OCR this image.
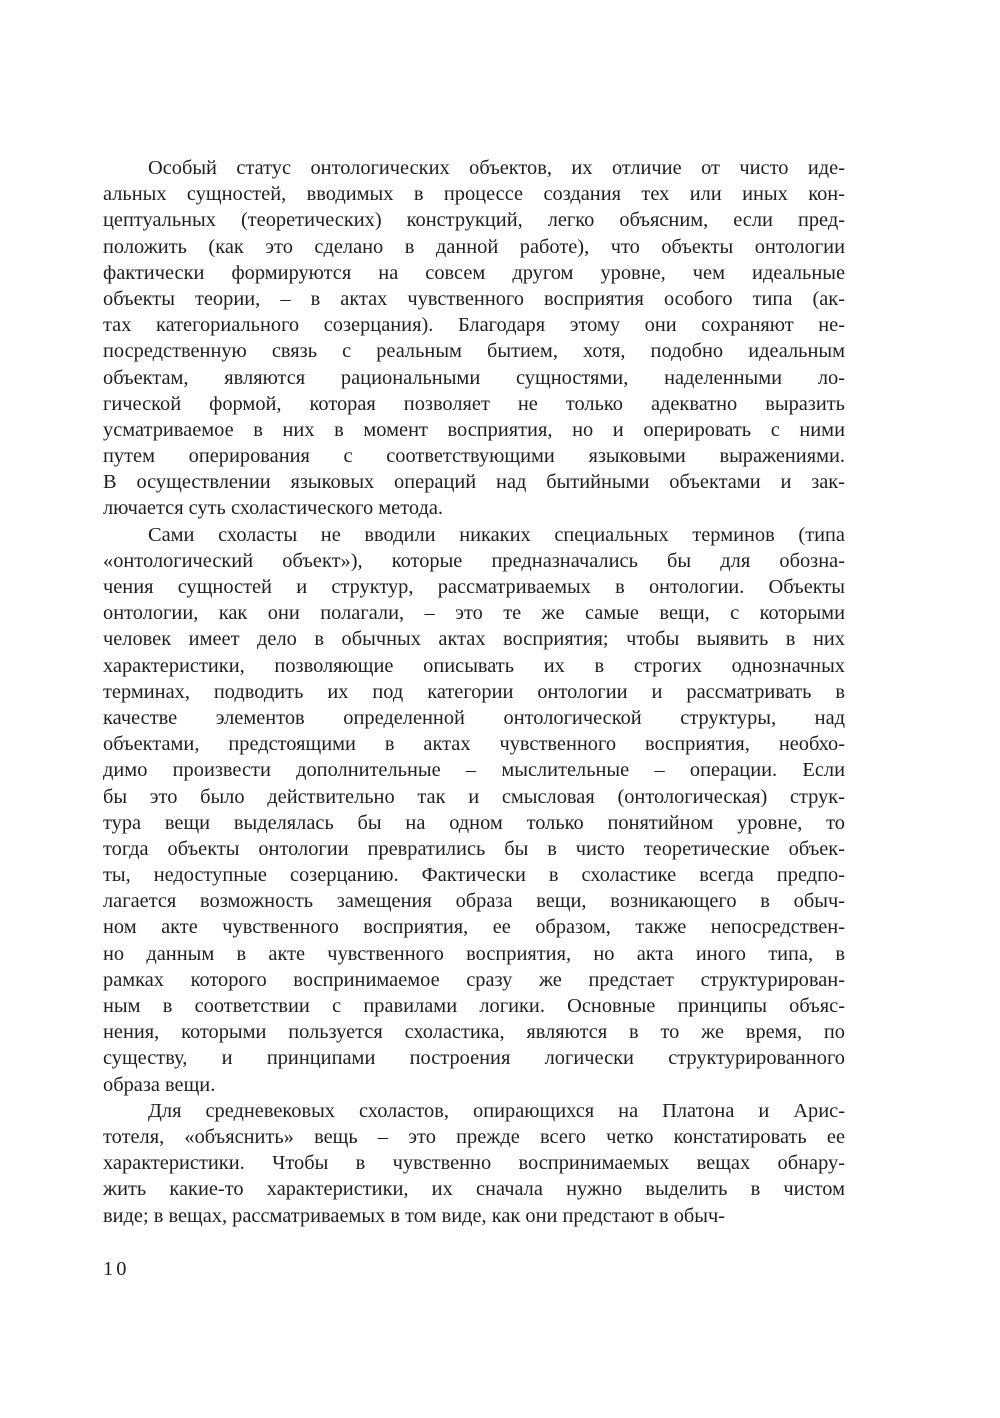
Особый статус онтологических объектов, их отличие от чисто иде-
альных сущностей, вводимых в процессе создания тех или иных кон-
цептуальных (теоретических) конструкций, легко объясним, если пред-
положить (как это сделано в данной работе), что объекты онтологии
фактически формируются на совсем другом уровне, чем идеальные
объекты теории, – в актах чувственного восприятия особого типа (ак-
тах категориального созерцания). Благодаря этому они сохраняют не-
посредственную связь с реальным бытием, хотя, подобно идеальным
объектам, являются рациональными сущностями, наделенными ло-
гической формой, которая позволяет не только адекватно выразить
усматриваемое в них в момент восприятия, но и оперировать с ними
путем оперирования с соответствующими языковыми выражениями.
В осуществлении языковых операций над бытийными объектами и зак-
лючается суть схоластического метода.
Сами схоласты не вводили никаких специальных терминов (типа
«онтологический объект»), которые предназначались бы для обозна-
чения сущностей и структур, рассматриваемых в онтологии. Объекты
онтологии, как они полагали, – это те же самые вещи, с которыми
человек имеет дело в обычных актах восприятия; чтобы выявить в них
характеристики, позволяющие описывать их в строгих однозначных
терминах, подводить их под категории онтологии и рассматривать в
качестве элементов определенной онтологической структуры, над
объектами, предстоящими в актах чувственного восприятия, необхо-
димо произвести дополнительные – мыслительные – операции. Если
бы это было действительно так и смысловая (онтологическая) струк-
тура вещи выделялась бы на одном только понятийном уровне, то
тогда объекты онтологии превратились бы в чисто теоретические объек-
ты, недоступные созерцанию. Фактически в схоластике всегда предпо-
лагается возможность замещения образа вещи, возникающего в обыч-
ном акте чувственного восприятия, ее образом, также непосредствен-
но данным в акте чувственного восприятия, но акта иного типа, в
рамках которого воспринимаемое сразу же предстает структурирован-
ным в соответствии с правилами логики. Основные принципы объяс-
нения, которыми пользуется схоластика, являются в то же время, по
существу, и принципами построения логически структурированного
образа вещи.
Для средневековых схоластов, опирающихся на Платона и Арис-
тотеля, «объяснить» вещь – это прежде всего четко констатировать ее
характеристики. Чтобы в чувственно воспринимаемых вещах обнару-
жить какие-то характеристики, их сначала нужно выделить в чистом
виде; в вещах, рассматриваемых в том виде, как они предстают в обыч-
10
